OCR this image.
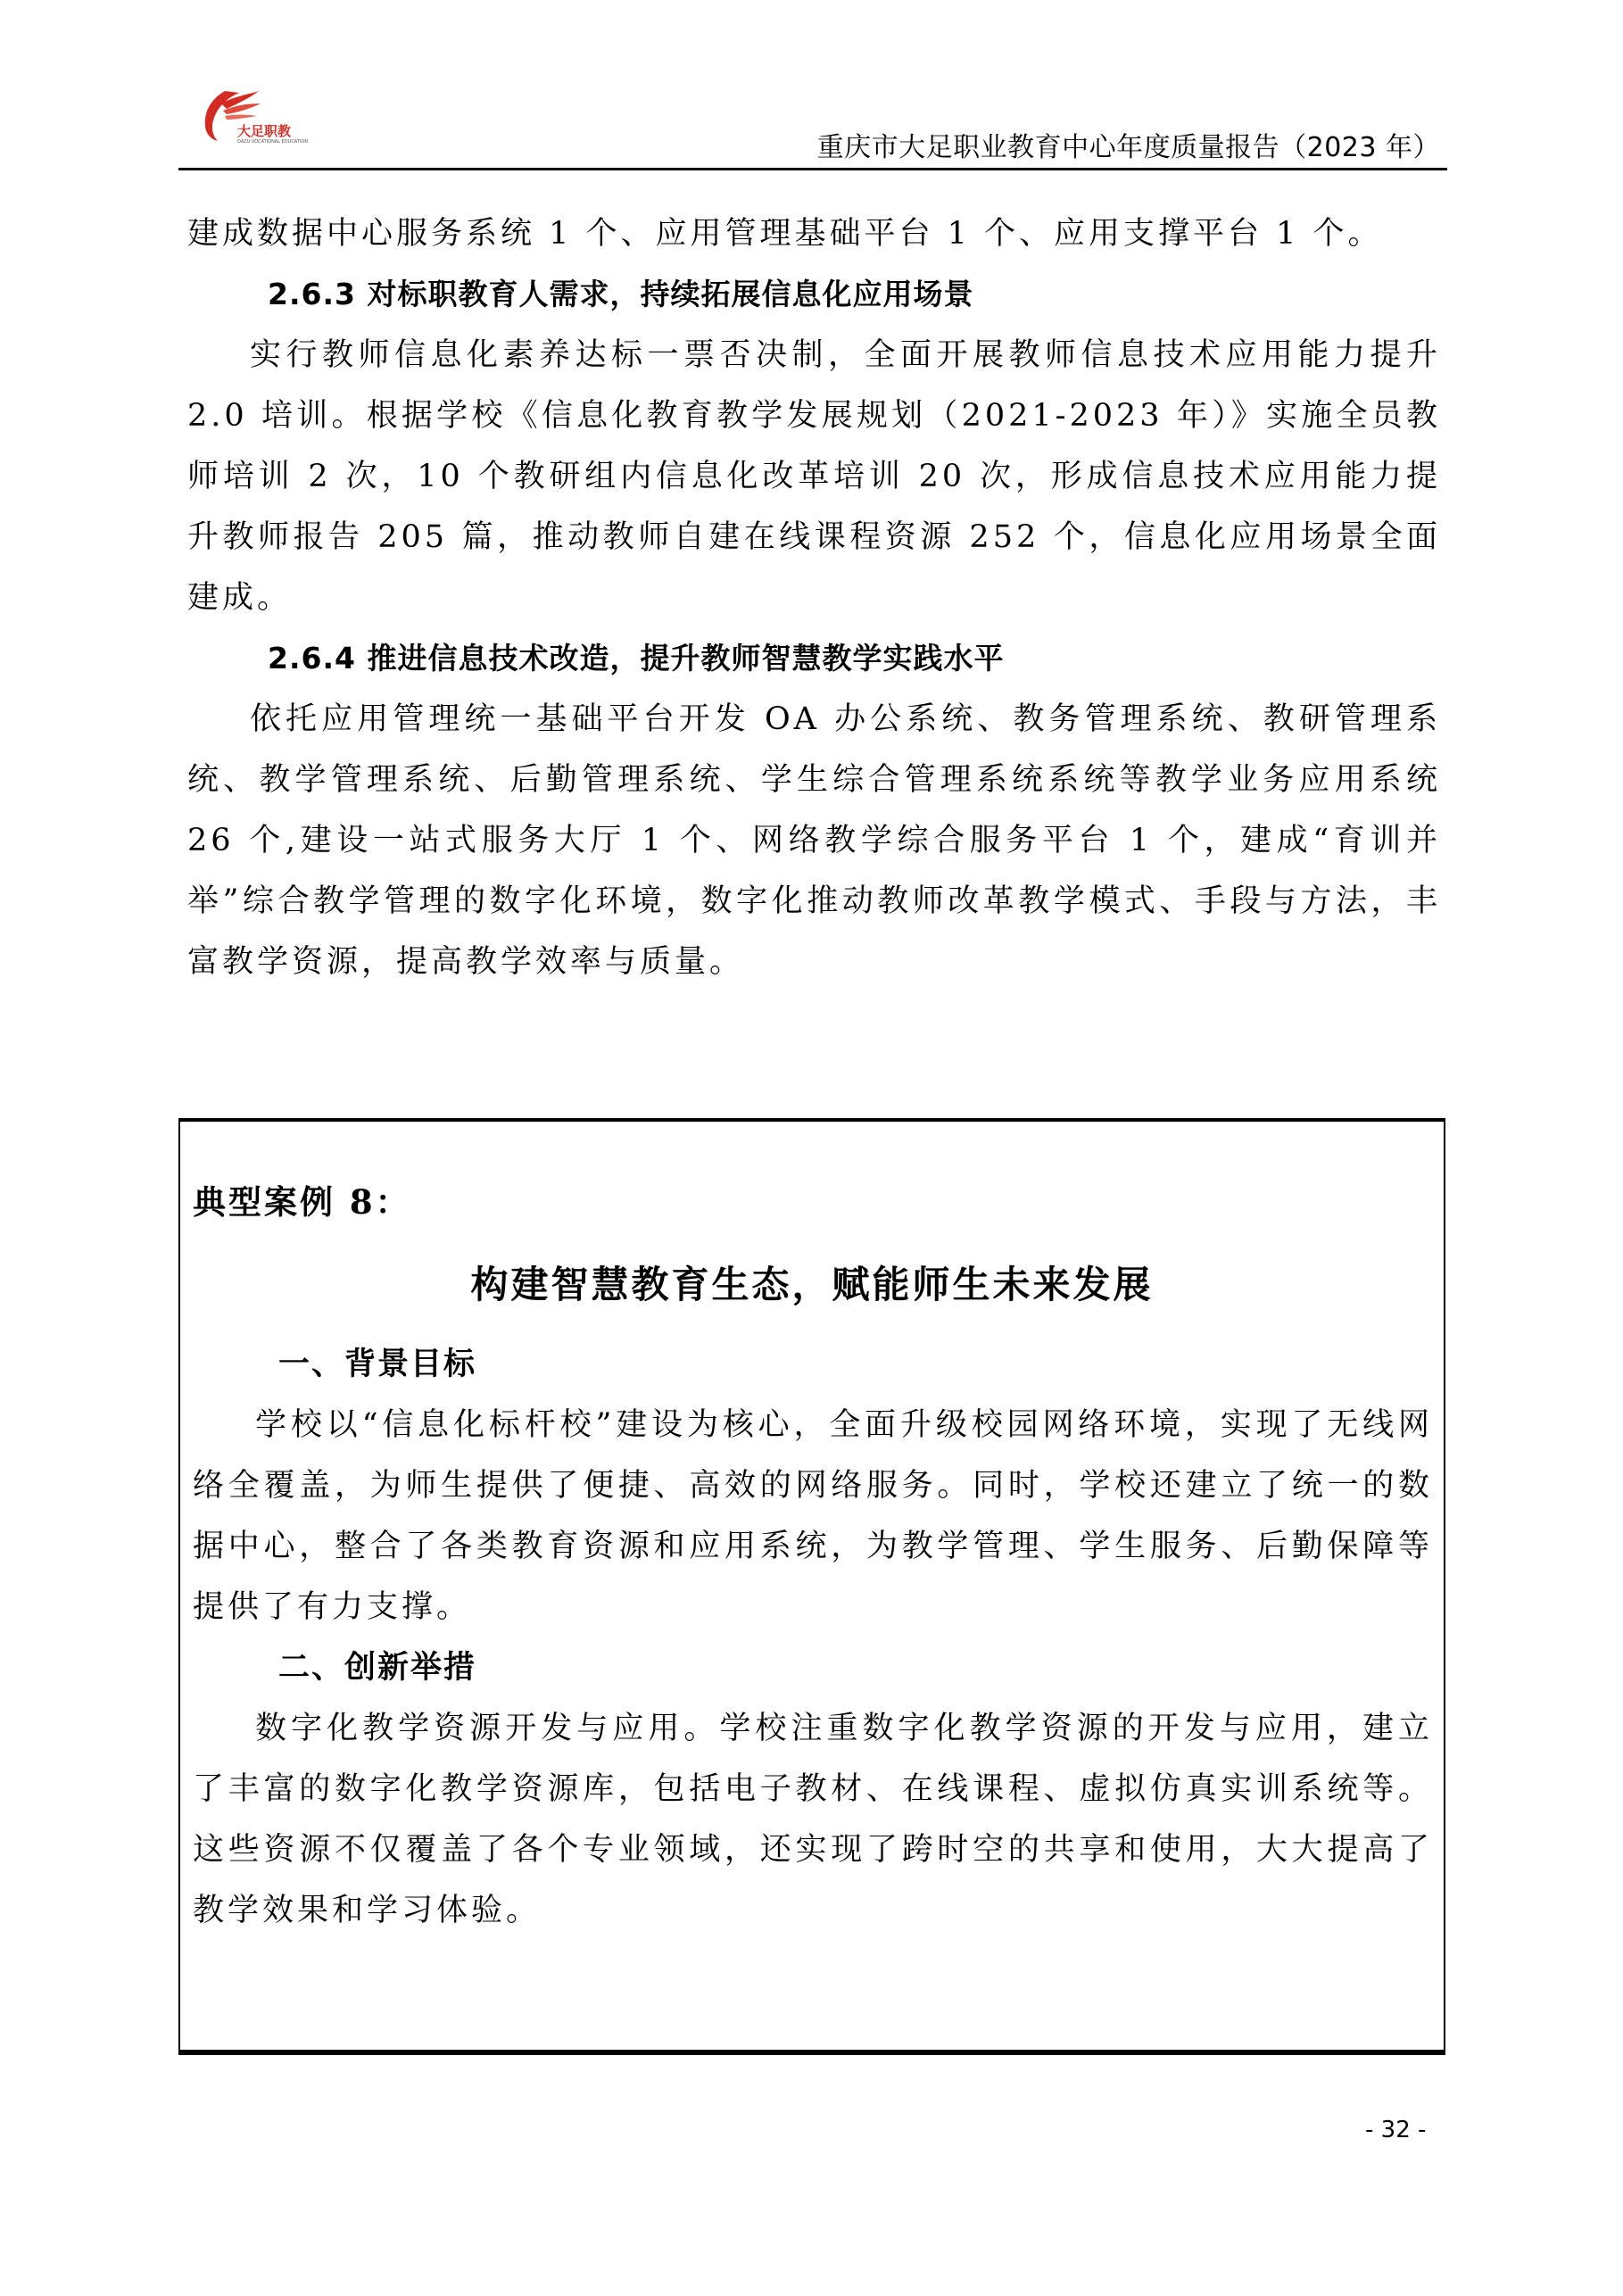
大足职教
DAZU VOCATIONAL EDUCATION	重庆市大足职业教育中心年度质量报告（2023 年）

建成数据中心服务系统 1 个、应用管理基础平台 1 个、应用支撑平台 1 个。

2.6.3 对标职教育人需求，持续拓展信息化应用场景

实行教师信息化素养达标一票否决制，全面开展教师信息技术应用能力提升 2.0 培训。根据学校《信息化教育教学发展规划（2021-2023 年）》实施全员教师培训 2 次，10 个教研组内信息化改革培训 20 次，形成信息技术应用能力提升教师报告 205 篇，推动教师自建在线课程资源 252 个，信息化应用场景全面建成。

2.6.4 推进信息技术改造，提升教师智慧教学实践水平

依托应用管理统一基础平台开发 OA 办公系统、教务管理系统、教研管理系统、教学管理系统、后勤管理系统、学生综合管理系统系统等教学业务应用系统 26 个,建设一站式服务大厅 1 个、网络教学综合服务平台 1 个，建成“育训并举”综合教学管理的数字化环境，数字化推动教师改革教学模式、手段与方法，丰富教学资源，提高教学效率与质量。

典型案例 8：
构建智慧教育生态，赋能师生未来发展

一、背景目标

学校以“信息化标杆校”建设为核心，全面升级校园网络环境，实现了无线网络全覆盖，为师生提供了便捷、高效的网络服务。同时，学校还建立了统一的数据中心，整合了各类教育资源和应用系统，为教学管理、学生服务、后勤保障等提供了有力支撑。

二、创新举措

数字化教学资源开发与应用。学校注重数字化教学资源的开发与应用，建立了丰富的数字化教学资源库，包括电子教材、在线课程、虚拟仿真实训系统等。这些资源不仅覆盖了各个专业领域，还实现了跨时空的共享和使用，大大提高了教学效果和学习体验。

- 32 -
